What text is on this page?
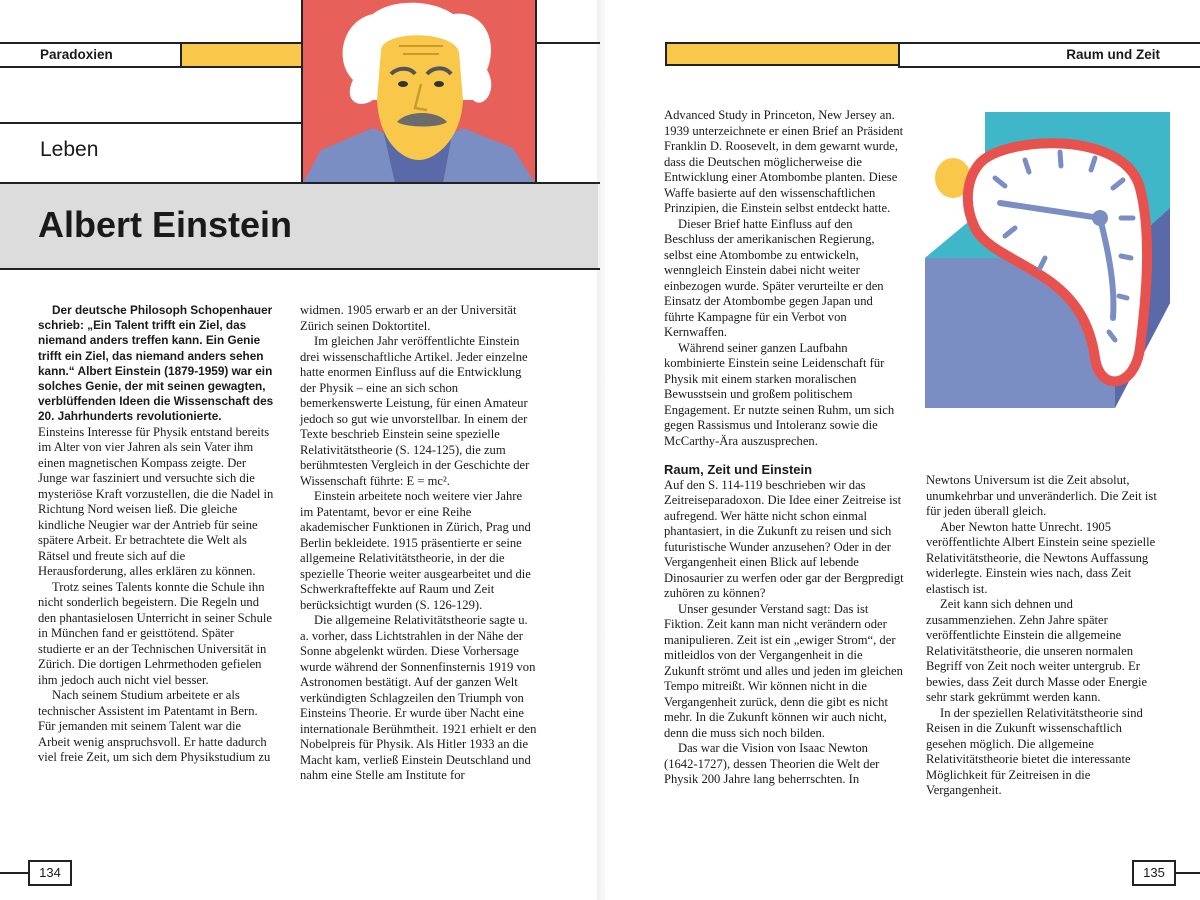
Paradoxien
Leben
Albert Einstein

Der deutsche Philosoph Schopenhauer schrieb: „Ein Talent trifft ein Ziel, das niemand anders treffen kann. Ein Genie trifft ein Ziel, das niemand anders sehen kann.“ Albert Einstein (1879-1959) war ein solches Genie, der mit seinen gewagten, verblüffenden Ideen die Wissenschaft des 20. Jahrhunderts revolutionierte.

Einsteins Interesse für Physik entstand bereits im Alter von vier Jahren als sein Vater ihm einen magnetischen Kompass zeigte. Der Junge war fasziniert und versuchte sich die mysteriöse Kraft vorzustellen, die die Nadel in Richtung Nord weisen ließ. Die gleiche kindliche Neugier war der Antrieb für seine spätere Arbeit. Er betrachtete die Welt als Rätsel und freute sich auf die Herausforderung, alles erklären zu können.

Trotz seines Talents konnte die Schule ihn nicht sonderlich begeistern. Die Regeln und den phantasielosen Unterricht in seiner Schule in München fand er geisttötend. Später studierte er an der Technischen Universität in Zürich. Die dortigen Lehrmethoden gefielen ihm jedoch auch nicht viel besser.

Nach seinem Studium arbeitete er als technischer Assistent im Patentamt in Bern. Für jemanden mit seinem Talent war die Arbeit wenig anspruchsvoll. Er hatte dadurch viel freie Zeit, um sich dem Physikstudium zu

widmen. 1905 erwarb er an der Universität Zürich seinen Doktortitel.

Im gleichen Jahr veröffentlichte Einstein drei wissenschaftliche Artikel. Jeder einzelne hatte enormen Einfluss auf die Entwicklung der Physik – eine an sich schon bemerkenswerte Leistung, für einen Amateur jedoch so gut wie unvorstellbar. In einem der Texte beschrieb Einstein seine spezielle Relativitätstheorie (S. 124-125), die zum berühmtesten Vergleich in der Geschichte der Wissenschaft führte: E = mc².

Einstein arbeitete noch weitere vier Jahre im Patentamt, bevor er eine Reihe akademischer Funktionen in Zürich, Prag und Berlin bekleidete. 1915 präsentierte er seine allgemeine Relativitätstheorie, in der die spezielle Theorie weiter ausgearbeitet und die Schwerkrafteffekte auf Raum und Zeit berücksichtigt wurden (S. 126-129).

Die allgemeine Relativitätstheorie sagte u. a. vorher, dass Lichtstrahlen in der Nähe der Sonne abgelenkt würden. Diese Vorhersage wurde während der Sonnenfinsternis 1919 von Astronomen bestätigt. Auf der ganzen Welt verkündigten Schlagzeilen den Triumph von Einsteins Theorie. Er wurde über Nacht eine internationale Berühmtheit. 1921 erhielt er den Nobelpreis für Physik. Als Hitler 1933 an die Macht kam, verließ Einstein Deutschland und nahm eine Stelle am Institute for

134
Raum und Zeit

Advanced Study in Princeton, New Jersey an. 1939 unterzeichnete er einen Brief an Präsident Franklin D. Roosevelt, in dem gewarnt wurde, dass die Deutschen möglicherweise die Entwicklung einer Atombombe planten. Diese Waffe basierte auf den wissenschaftlichen Prinzipien, die Einstein selbst entdeckt hatte.

Dieser Brief hatte Einfluss auf den Beschluss der amerikanischen Regierung, selbst eine Atombombe zu entwickeln, wenngleich Einstein dabei nicht weiter einbezogen wurde. Später verurteilte er den Einsatz der Atombombe gegen Japan und führte Kampagne für ein Verbot von Kernwaffen.

Während seiner ganzen Laufbahn kombinierte Einstein seine Leidenschaft für Physik mit einem starken moralischen Bewusstsein und großem politischem Engagement. Er nutzte seinen Ruhm, um sich gegen Rassismus und Intoleranz sowie die McCarthy-Ära auszusprechen.

Raum, Zeit und Einstein

Auf den S. 114-119 beschrieben wir das Zeitreiseparadoxon. Die Idee einer Zeitreise ist aufregend. Wer hätte nicht schon einmal phantasiert, in die Zukunft zu reisen und sich futuristische Wunder anzusehen? Oder in der Vergangenheit einen Blick auf lebende Dinosaurier zu werfen oder gar der Bergpredigt zuhören zu können?

Unser gesunder Verstand sagt: Das ist Fiktion. Zeit kann man nicht verändern oder manipulieren. Zeit ist ein „ewiger Strom“, der mitleidlos von der Vergangenheit in die Zukunft strömt und alles und jeden im gleichen Tempo mitreißt. Wir können nicht in die Vergangenheit zurück, denn die gibt es nicht mehr. In die Zukunft können wir auch nicht, denn die muss sich noch bilden.

Das war die Vision von Isaac Newton (1642-1727), dessen Theorien die Welt der Physik 200 Jahre lang beherrschten. In

Newtons Universum ist die Zeit absolut, unumkehrbar und unveränderlich. Die Zeit ist für jeden überall gleich.

Aber Newton hatte Unrecht. 1905 veröffentlichte Albert Einstein seine spezielle Relativitätstheorie, die Newtons Auffassung widerlegte. Einstein wies nach, dass Zeit elastisch ist.

Zeit kann sich dehnen und zusammenziehen. Zehn Jahre später veröffentlichte Einstein die allgemeine Relativitätstheorie, die unseren normalen Begriff von Zeit noch weiter untergrub. Er bewies, dass Zeit durch Masse oder Energie sehr stark gekrümmt werden kann.

In der speziellen Relativitätstheorie sind Reisen in die Zukunft wissenschaftlich gesehen möglich. Die allgemeine Relativitätstheorie bietet die interessante Möglichkeit für Zeitreisen in die Vergangenheit.

135
